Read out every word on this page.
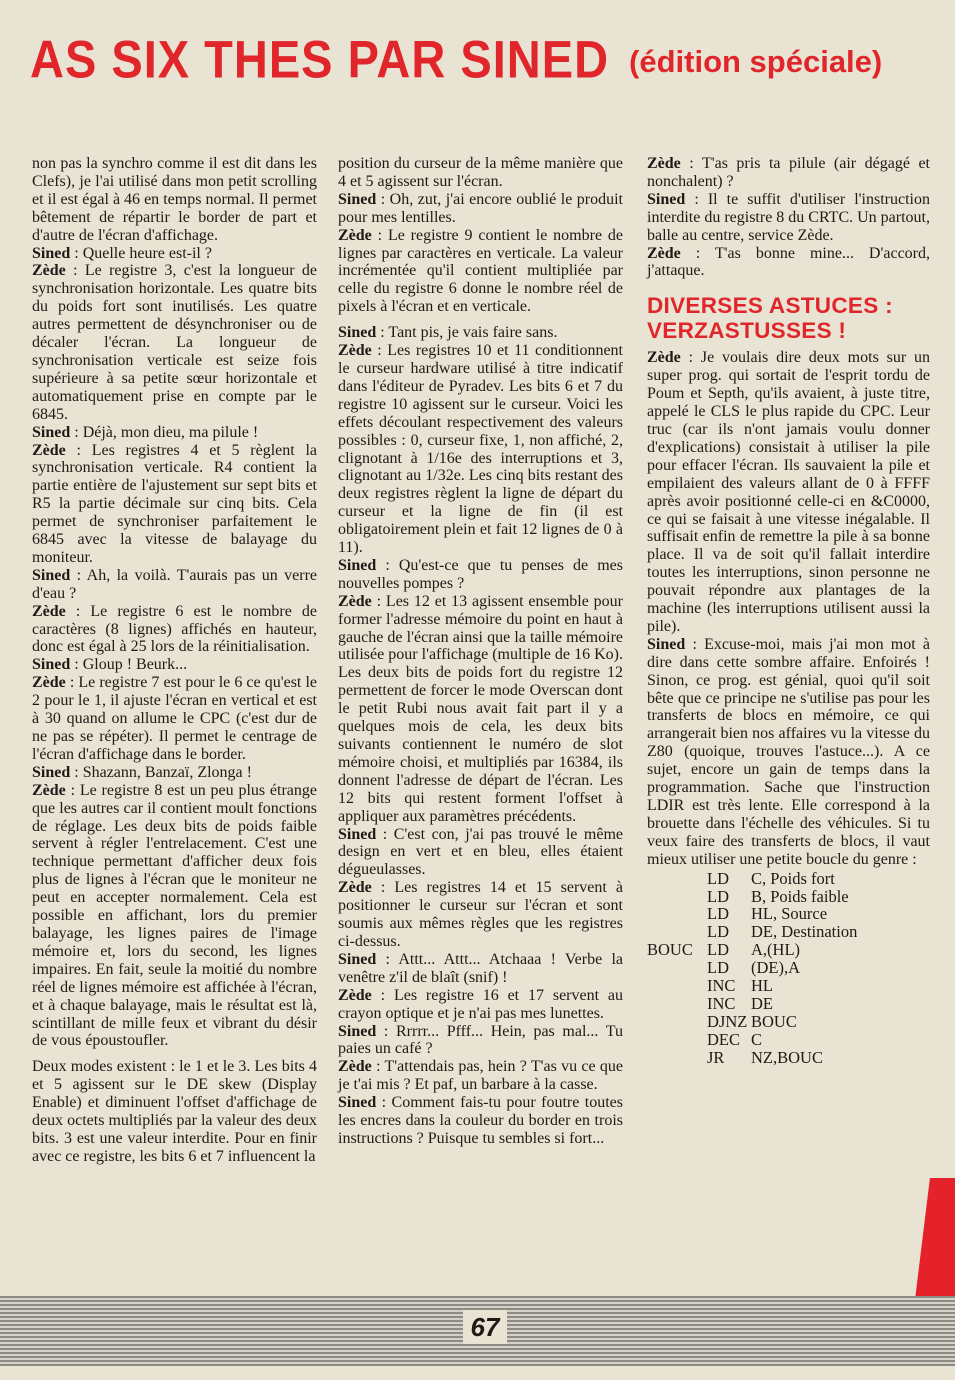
AS SIX THES PAR SINED (édition spéciale)

non pas la synchro comme il est dit dans les Clefs), je l'ai utilisé dans mon petit scrolling et il est égal à 46 en temps normal. Il permet bêtement de répartir le border de part et d'autre de l'écran d'affichage.

Sined : Quelle heure est-il ?

Zède : Le registre 3, c'est la longueur de synchronisation horizontale. Les quatre bits du poids fort sont inutilisés. Les quatre autres permettent de désynchroniser ou de décaler l'écran. La longueur de synchronisation verticale est seize fois supérieure à sa petite sœur horizontale et automatiquement prise en compte par le 6845.

Sined : Déjà, mon dieu, ma pilule !

Zède : Les registres 4 et 5 règlent la synchronisation verticale. R4 contient la partie entière de l'ajustement sur sept bits et R5 la partie décimale sur cinq bits. Cela permet de synchroniser parfaitement le 6845 avec la vitesse de balayage du moniteur.

Sined : Ah, la voilà. T'aurais pas un verre d'eau ?

Zède : Le registre 6 est le nombre de caractères (8 lignes) affichés en hauteur, donc est égal à 25 lors de la réinitialisation.

Sined : Gloup ! Beurk...

Zède : Le registre 7 est pour le 6 ce qu'est le 2 pour le 1, il ajuste l'écran en vertical et est à 30 quand on allume le CPC (c'est dur de ne pas se répéter). Il permet le centrage de l'écran d'affichage dans le border.

Sined : Shazann, Banzaï, Zlonga !

Zède : Le registre 8 est un peu plus étrange que les autres car il contient moult fonctions de réglage. Les deux bits de poids faible servent à régler l'entrelacement. C'est une technique permettant d'afficher deux fois plus de lignes à l'écran que le moniteur ne peut en accepter normalement. Cela est possible en affichant, lors du premier balayage, les lignes paires de l'image mémoire et, lors du second, les lignes impaires. En fait, seule la moitié du nombre réel de lignes mémoire est affichée à l'écran, et à chaque balayage, mais le résultat est là, scintillant de mille feux et vibrant du désir de vous époustoufler.

Deux modes existent : le 1 et le 3. Les bits 4 et 5 agissent sur le DE skew (Display Enable) et diminuent l'offset d'affichage de deux octets multipliés par la valeur des deux bits. 3 est une valeur interdite. Pour en finir avec ce registre, les bits 6 et 7 influencent la

position du curseur de la même manière que 4 et 5 agissent sur l'écran.

Sined : Oh, zut, j'ai encore oublié le produit pour mes lentilles.

Zède : Le registre 9 contient le nombre de lignes par caractères en verticale. La valeur incrémentée qu'il contient multipliée par celle du registre 6 donne le nombre réel de pixels à l'écran et en verticale.

Sined : Tant pis, je vais faire sans.

Zède : Les registres 10 et 11 conditionnent le curseur hardware utilisé à titre indicatif dans l'éditeur de Pyradev. Les bits 6 et 7 du registre 10 agissent sur le curseur. Voici les effets découlant respectivement des valeurs possibles : 0, curseur fixe, 1, non affiché, 2, clignotant à 1/16e des interruptions et 3, clignotant au 1/32e. Les cinq bits restant des deux registres règlent la ligne de départ du curseur et la ligne de fin (il est obligatoirement plein et fait 12 lignes de 0 à 11).

Sined : Qu'est-ce que tu penses de mes nouvelles pompes ?

Zède : Les 12 et 13 agissent ensemble pour former l'adresse mémoire du point en haut à gauche de l'écran ainsi que la taille mémoire utilisée pour l'affichage (multiple de 16 Ko). Les deux bits de poids fort du registre 12 permettent de forcer le mode Overscan dont le petit Rubi nous avait fait part il y a quelques mois de cela, les deux bits suivants contiennent le numéro de slot mémoire choisi, et multipliés par 16384, ils donnent l'adresse de départ de l'écran. Les 12 bits qui restent forment l'offset à appliquer aux paramètres précédents.

Sined : C'est con, j'ai pas trouvé le même design en vert et en bleu, elles étaient dégueulasses.

Zède : Les registres 14 et 15 servent à positionner le curseur sur l'écran et sont soumis aux mêmes règles que les registres ci-dessus.

Sined : Attt... Attt... Atchaaa ! Verbe la venêtre z'il de blaît (snif) !

Zède : Les registre 16 et 17 servent au crayon optique et je n'ai pas mes lunettes.

Sined : Rrrrr... Pfff... Hein, pas mal... Tu paies un café ?

Zède : T'attendais pas, hein ? T'as vu ce que je t'ai mis ? Et paf, un barbare à la casse.

Sined : Comment fais-tu pour foutre toutes les encres dans la couleur du border en trois instructions ? Puisque tu sembles si fort...

Zède : T'as pris ta pilule (air dégagé et nonchalent) ?

Sined : Il te suffit d'utiliser l'instruction interdite du registre 8 du CRTC. Un partout, balle au centre, service Zède.

Zède : T'as bonne mine... D'accord, j'attaque.

DIVERSES ASTUCES : VERZASTUSSES !

Zède : Je voulais dire deux mots sur un super prog. qui sortait de l'esprit tordu de Poum et Septh, qu'ils avaient, à juste titre, appelé le CLS le plus rapide du CPC. Leur truc (car ils n'ont jamais voulu donner d'explications) consistait à utiliser la pile pour effacer l'écran. Ils sauvaient la pile et empilaient des valeurs allant de 0 à FFFF après avoir positionné celle-ci en &C0000, ce qui se faisait à une vitesse inégalable. Il suffisait enfin de remettre la pile à sa bonne place. Il va de soit qu'il fallait interdire toutes les interruptions, sinon personne ne pouvait répondre aux plantages de la machine (les interruptions utilisent aussi la pile).

Sined : Excuse-moi, mais j'ai mon mot à dire dans cette sombre affaire. Enfoirés ! Sinon, ce prog. est génial, quoi qu'il soit bête que ce principe ne s'utilise pas pour les transferts de blocs en mémoire, ce qui arrangerait bien nos affaires vu la vitesse du Z80 (quoique, trouves l'astuce...). A ce sujet, encore un gain de temps dans la programmation. Sache que l'instruction LDIR est très lente. Elle correspond à la brouette dans l'échelle des véhicules. Si tu veux faire des transferts de blocs, il vaut mieux utiliser une petite boucle du genre :

LD	C, Poids fort
LD	B, Poids faible
LD	HL, Source
LD	DE, Destination
BOUC LD	A,(HL)
LD	(DE),A
INC HL
INC DE
DJNZ BOUC
DEC C
JR	NZ,BOUC
67
